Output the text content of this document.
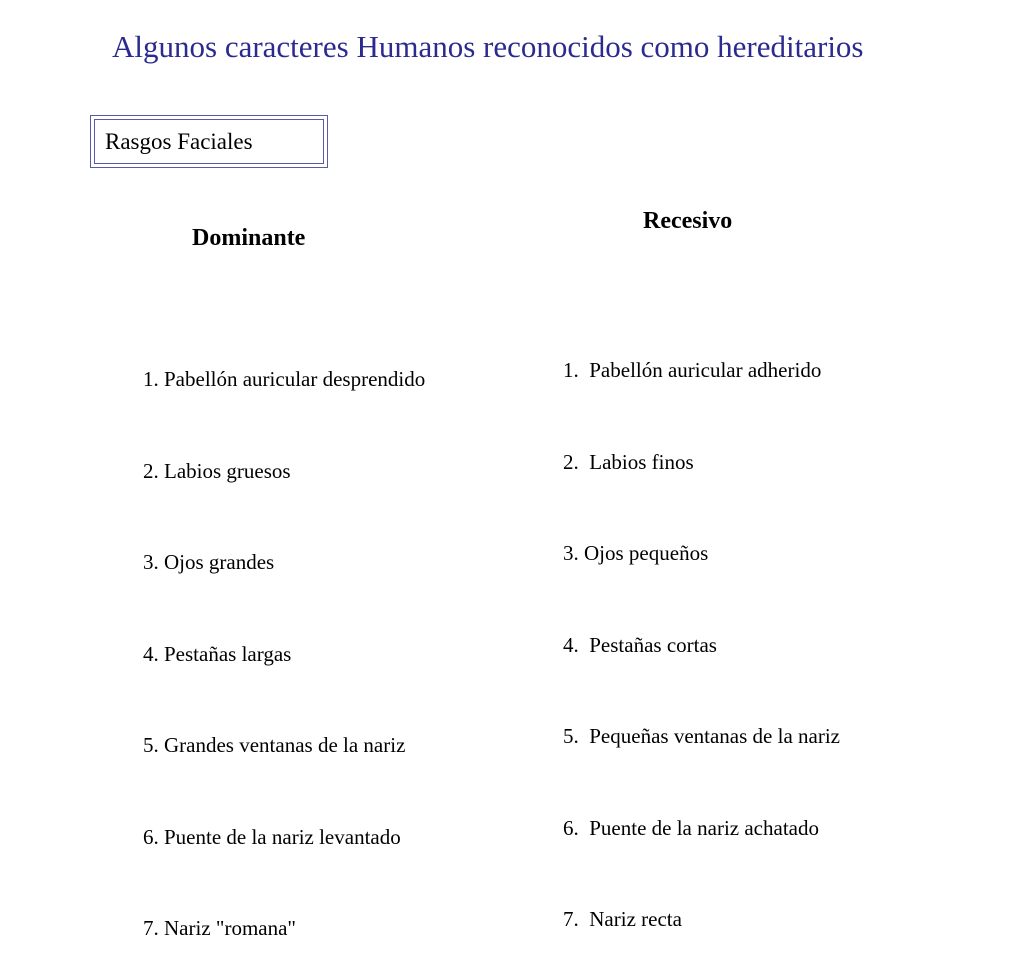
Algunos caracteres Humanos reconocidos como hereditarios
Rasgos Faciales
Dominante
Recesivo

1. Pabellón auricular desprendido

2. Labios gruesos

3. Ojos grandes

4. Pestañas largas

5. Grandes ventanas de la nariz

6. Puente de la nariz levantado

7. Nariz "romana"

1.  Pabellón auricular adherido

2.  Labios finos

3. Ojos pequeños

4.  Pestañas cortas

5.  Pequeñas ventanas de la nariz

6.  Puente de la nariz achatado

7.  Nariz recta
